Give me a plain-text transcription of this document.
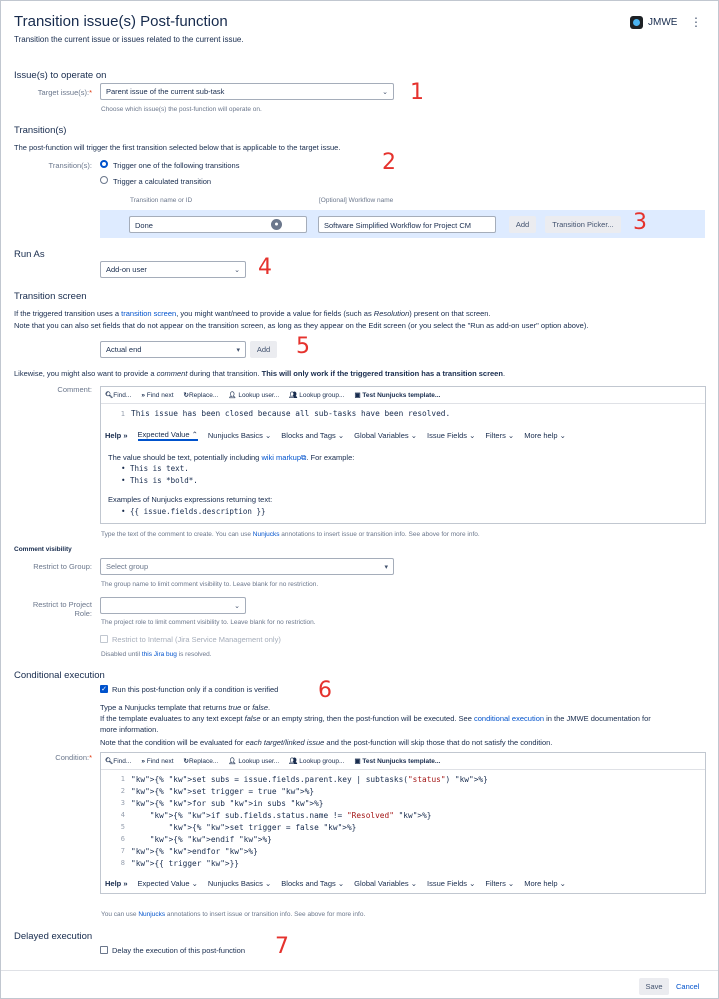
Transition issue(s) Post-function
Transition the current issue or issues related to the current issue.
JMWE ⋮
Issue(s) to operate on
Target issue(s):*	Parent issue of the current sub-task	⌄
Choose which issue(s) the post-function will operate on.
1
Transition(s)
The post-function will trigger the first transition selected below that is applicable to the target issue.
Transition(s):	Trigger one of the following transitions
Trigger a calculated transition
2
Transition name or ID	[Optional] Workflow name
Done	●	Software Simplified Workflow for Project CM	Add	Transition Picker... 3
Run As
Add-on user	⌄ 4
Transition screen
If the triggered transition uses a transition screen, you might want/need to provide a value for fields (such as Resolution) present on that screen.
Note that you can also set fields that do not appear on the transition screen, as long as they appear on the Edit screen (or you select the "Run as add-on user" option above).
Actual end	▾	Add	5
Likewise, you might also want to provide a comment during that transition. This will only work if the triggered transition has a transition screen.
Comment:
🔍︎Find... » Find next ↻Replace... 👤︎ Lookup user... 👥︎ Lookup group... ▣ Test Nunjucks template...
1 This issue has been closed because all sub-tasks have been resolved.
Help » Expected Value ⌃ Nunjucks Basics ⌄ Blocks and Tags ⌄ Global Variables ⌄ Issue Fields ⌄ Filters ⌄ More help ⌄
The value should be text, potentially including wiki markup⧉. For example:
• This is text.
• This is *bold*.
Examples of Nunjucks expressions returning text:
• {{ issue.fields.description }}
Type the text of the comment to create. You can use Nunjucks annotations to insert issue or transition info. See above for more info.
Comment visibility
Restrict to Group:	Select group	▾
The group name to limit comment visibility to. Leave blank for no restriction.
Restrict to Project
Role:
⌄
The project role to limit comment visibility to. Leave blank for no restriction.
Restrict to Internal (Jira Service Management only)
Disabled until this Jira bug is resolved.
Conditional execution
✓ Run this post-function only if a condition is verified 6
Type a Nunjucks template that returns true or false.
If the template evaluates to any text except false or an empty string, then the post-function will be executed. See conditional execution in the JMWE documentation for
more information.
Note that the condition will be evaluated for each target/linked issue and the post-function will skip those that do not satisfy the condition.
Condition:* 🔍︎Find... » Find next ↻Replace... 👤︎ Lookup user... 👥︎ Lookup group... ▣ Test Nunjucks template...
1 "kw">{% "kw">set subs = issue.fields.parent.key | subtasks("status") "kw">%}
2 "kw">{% "kw">set trigger = true "kw">%}
3 "kw">{% "kw">for sub "kw">in subs "kw">%}
4	"kw">{% "kw">if sub.fields.status.name != "Resolved" "kw">%}
5	"kw">{% "kw">set trigger = false "kw">%}
6	"kw">{% "kw">endif "kw">%}
7 "kw">{% "kw">endfor "kw">%}
8 "kw">{{ trigger "kw">}}
Help » Expected Value ⌄ Nunjucks Basics ⌄ Blocks and Tags ⌄ Global Variables ⌄ Issue Fields ⌄ Filters ⌄ More help ⌄
You can use Nunjucks annotations to insert issue or transition info. See above for more info.
Delayed execution
Delay the execution of this post-function 7
Save	Cancel
